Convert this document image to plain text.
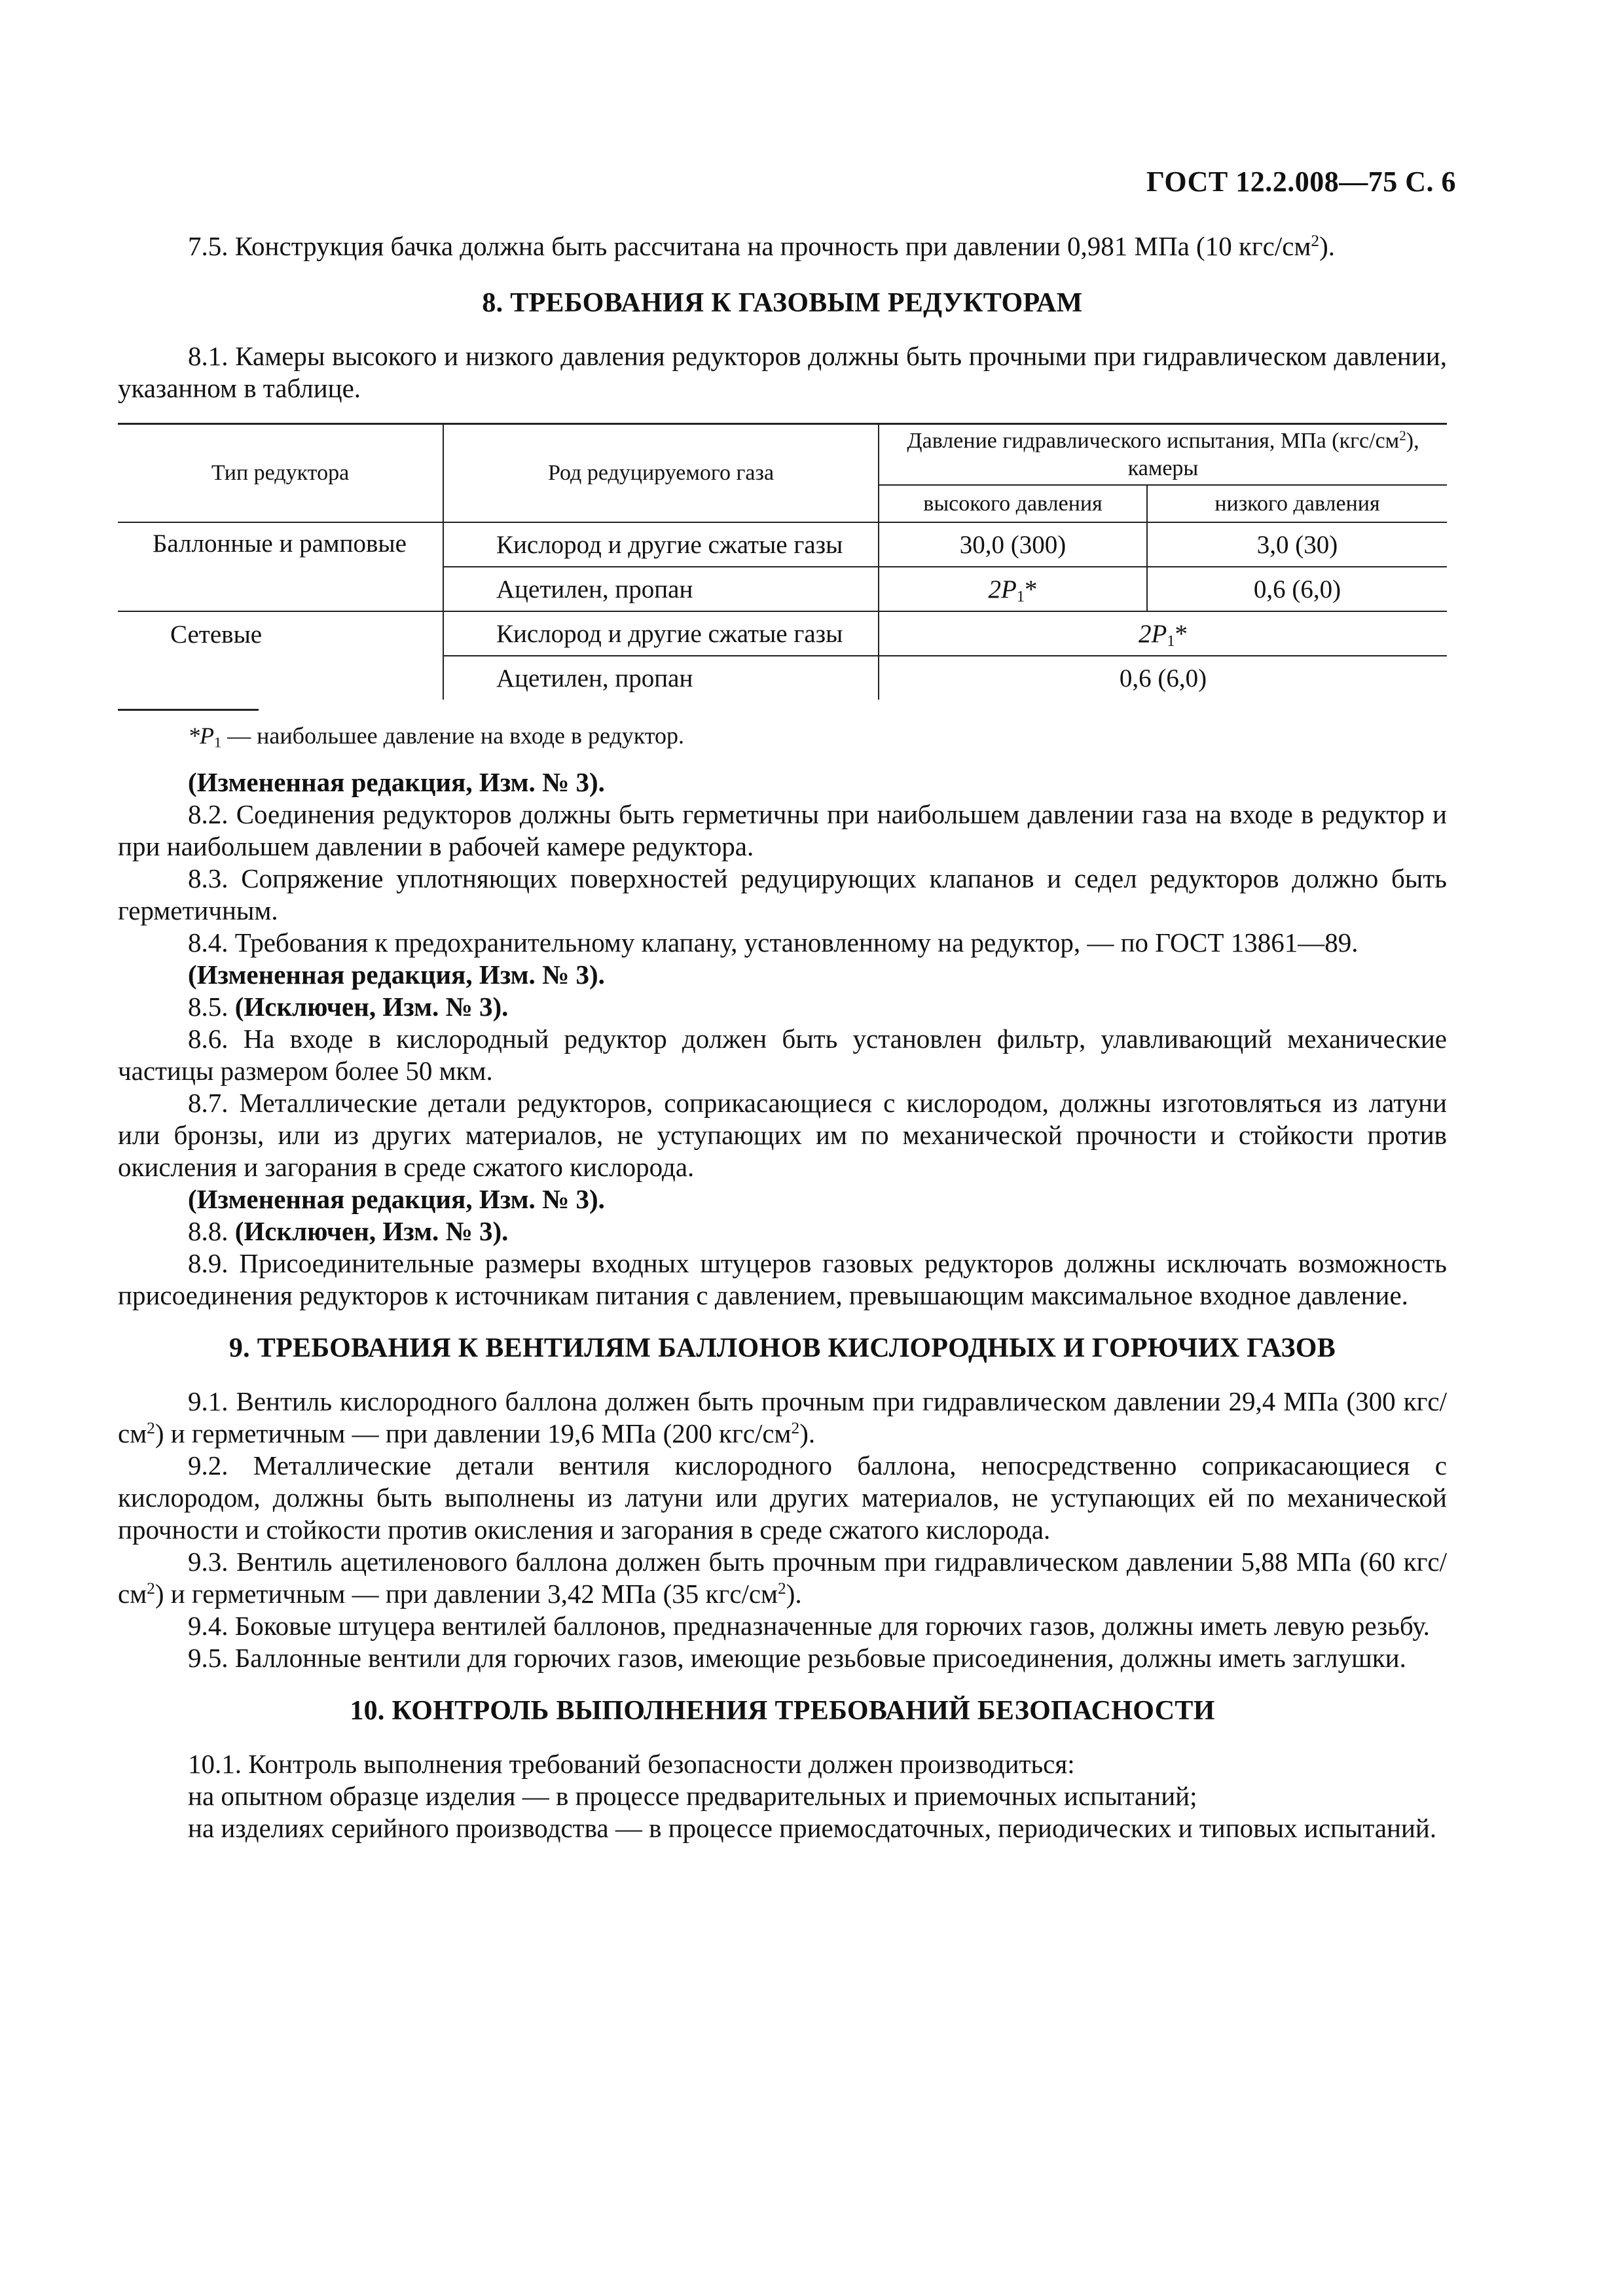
ГОСТ 12.2.008—75 С. 6

7.5. Конструкция бачка должна быть рассчитана на прочность при давлении 0,981 МПа (10 кгс/$см^2$).

8. ТРЕБОВАНИЯ К ГАЗОВЫМ РЕДУКТОРАМ

8.1. Камеры высокого и низкого давления редукторов должны быть прочными при гидравлическом давлении, указанном в таблице.

Тип редуктора	Род редуцируемого газа	Давление гидравлического испытания, МПа $(кгс/см^2)$, камеры	
		высокого давления	низкого давления
Баллонные и рамповые	Кислород и другие сжатые газы	30,0 (300)	3,0 (30)
	Ацетилен, пропан	$2P_1*$	0,6 (6,0)
Сетевые	Кислород и другие сжатые газы	$2P_1*$	
	Ацетилен, пропан	0,6 (6,0)	

$*P_1$ — наибольшее давление на входе в редуктор.

(Измененная редакция, Изм. № 3).

8.2. Соединения редукторов должны быть герметичны при наибольшем давлении газа на входе в редуктор и при наибольшем давлении в рабочей камере редуктора.

8.3. Сопряжение уплотняющих поверхностей редуцирующих клапанов и седел редукторов должно быть герметичным.

8.4. Требования к предохранительному клапану, установленному на редуктор, — по ГОСТ 13861—89.

(Измененная редакция, Изм. № 3).

8.5. (Исключен, Изм. № 3).

8.6. На входе в кислородный редуктор должен быть установлен фильтр, улавливающий механические частицы размером более 50 мкм.

8.7. Металлические детали редукторов, соприкасающиеся с кислородом, должны изготовляться из латуни или бронзы, или из других материалов, не уступающих им по механической прочности и стойкости против окисления и загорания в среде сжатого кислорода.

(Измененная редакция, Изм. № 3).

8.8. (Исключен, Изм. № 3).

8.9. Присоединительные размеры входных штуцеров газовых редукторов должны исключать возможность присоединения редукторов к источникам питания с давлением, превышающим максимальное входное давление.

9. ТРЕБОВАНИЯ К ВЕНТИЛЯМ БАЛЛОНОВ КИСЛОРОДНЫХ И ГОРЮЧИХ ГАЗОВ

9.1. Вентиль кислородного баллона должен быть прочным при гидравлическом давлении 29,4 МПа (300 кгс/$см^2$) и герметичным — при давлении 19,6 МПа (200 кгс/$см^2$).

9.2. Металлические детали вентиля кислородного баллона, непосредственно соприкасающиеся с кислородом, должны быть выполнены из латуни или других материалов, не уступающих ей по механической прочности и стойкости против окисления и загорания в среде сжатого кислорода.

9.3. Вентиль ацетиленового баллона должен быть прочным при гидравлическом давлении 5,88 МПа (60 кгс/$см^2$) и герметичным — при давлении 3,42 МПа (35 кгс/$см^2$).

9.4. Боковые штуцера вентилей баллонов, предназначенные для горючих газов, должны иметь левую резьбу.

9.5. Баллонные вентили для горючих газов, имеющие резьбовые присоединения, должны иметь заглушки.

10. КОНТРОЛЬ ВЫПОЛНЕНИЯ ТРЕБОВАНИЙ БЕЗОПАСНОСТИ

10.1. Контроль выполнения требований безопасности должен производиться:

на опытном образце изделия — в процессе предварительных и приемочных испытаний;

на изделиях серийного производства — в процессе приемосдаточных, периодических и типовых испытаний.
